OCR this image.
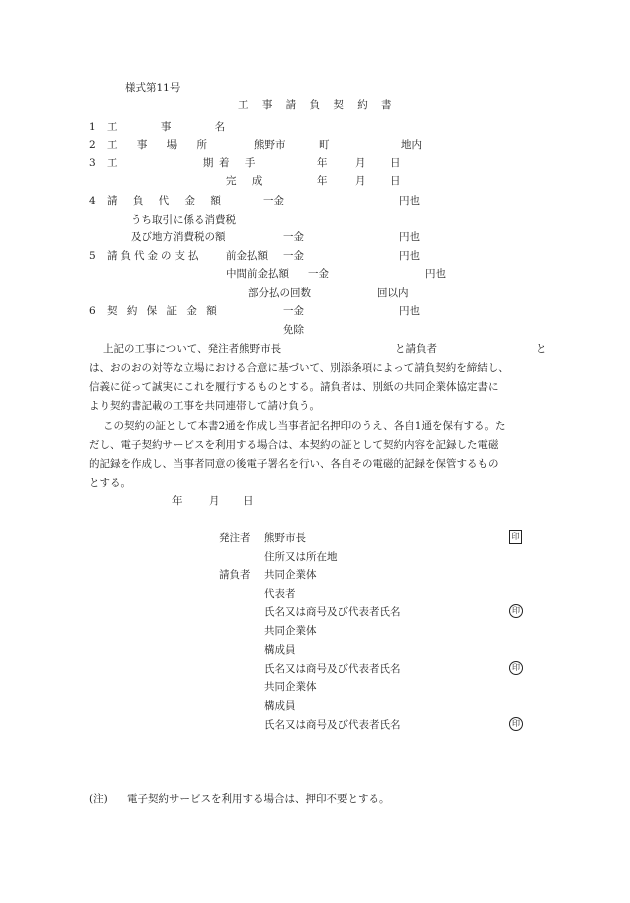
様式第11号
工 事 請 負 契 約 書
1 工 事 名
2 工 事 場 所	熊野市	町	地内
3 工 期 着 手	年	月 日
完 成	年	月 日
4 請 負 代 金 額	一金	円也
うち取引に係る消費税
及び地方消費税の額	一金	円也
5 請負代金の支払 前金払額 一金	円也
中間前金払額 一金	円也
部分払の回数	回以内
6 契 約 保 証 金 額	一金	円也
免除
上記の工事について、発注者熊野市長	と請負者	と
は、おのおの対等な立場における合意に基づいて、別添条項によって請負契約を締結し、
信義に従って誠実にこれを履行するものとする。請負者は、別紙の共同企業体協定書に
より契約書記載の工事を共同連帯して請け負う。
この契約の証として本書2通を作成し当事者記名押印のうえ、各自1通を保有する。た
だし、電子契約サービスを利用する場合は、本契約の証として契約内容を記録した電磁
的記録を作成し、当事者同意の後電子署名を行い、各自その電磁的記録を保管するもの
とする。
年	月 日
発注者 熊野市長	印
住所又は所在地
請負者 共同企業体
代表者
氏名又は商号及び代表者氏名	印
共同企業体
構成員
氏名又は商号及び代表者氏名	印
共同企業体
構成員
氏名又は商号及び代表者氏名	印
(注) 電子契約サービスを利用する場合は、押印不要とする。
